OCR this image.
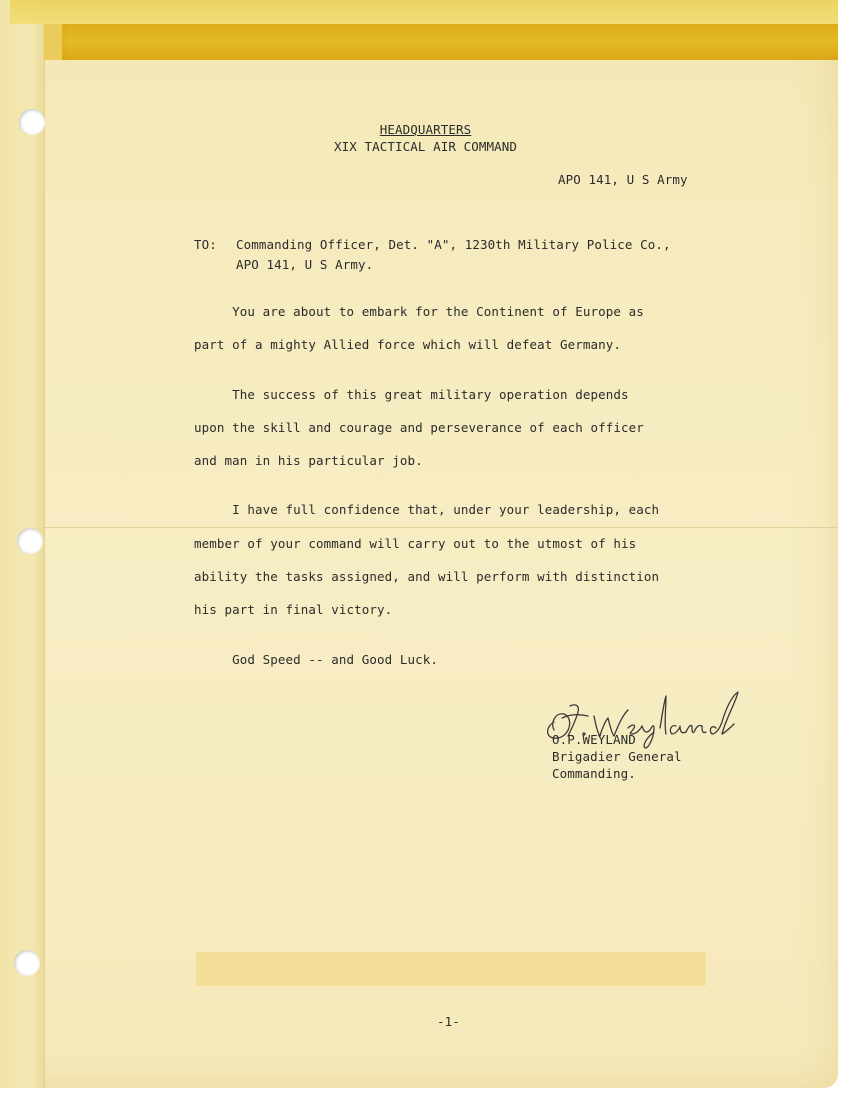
HEADQUARTERS
XIX TACTICAL AIR COMMAND
APO 141, U S Army
TO: Commanding Officer, Det. "A", 1230th Military Police Co.,
APO 141, U S Army.
You are about to embark for the Continent of Europe as
part of a mighty Allied force which will defeat Germany.
The success of this great military operation depends
upon the skill and courage and perseverance of each officer
and man in his particular job.
I have full confidence that, under your leadership, each
member of your command will carry out to the utmost of his
ability the tasks assigned, and will perform with distinction
his part in final victory.
God Speed -- and Good Luck.
O.P.WEYLAND
Brigadier General
Commanding.
-1-
